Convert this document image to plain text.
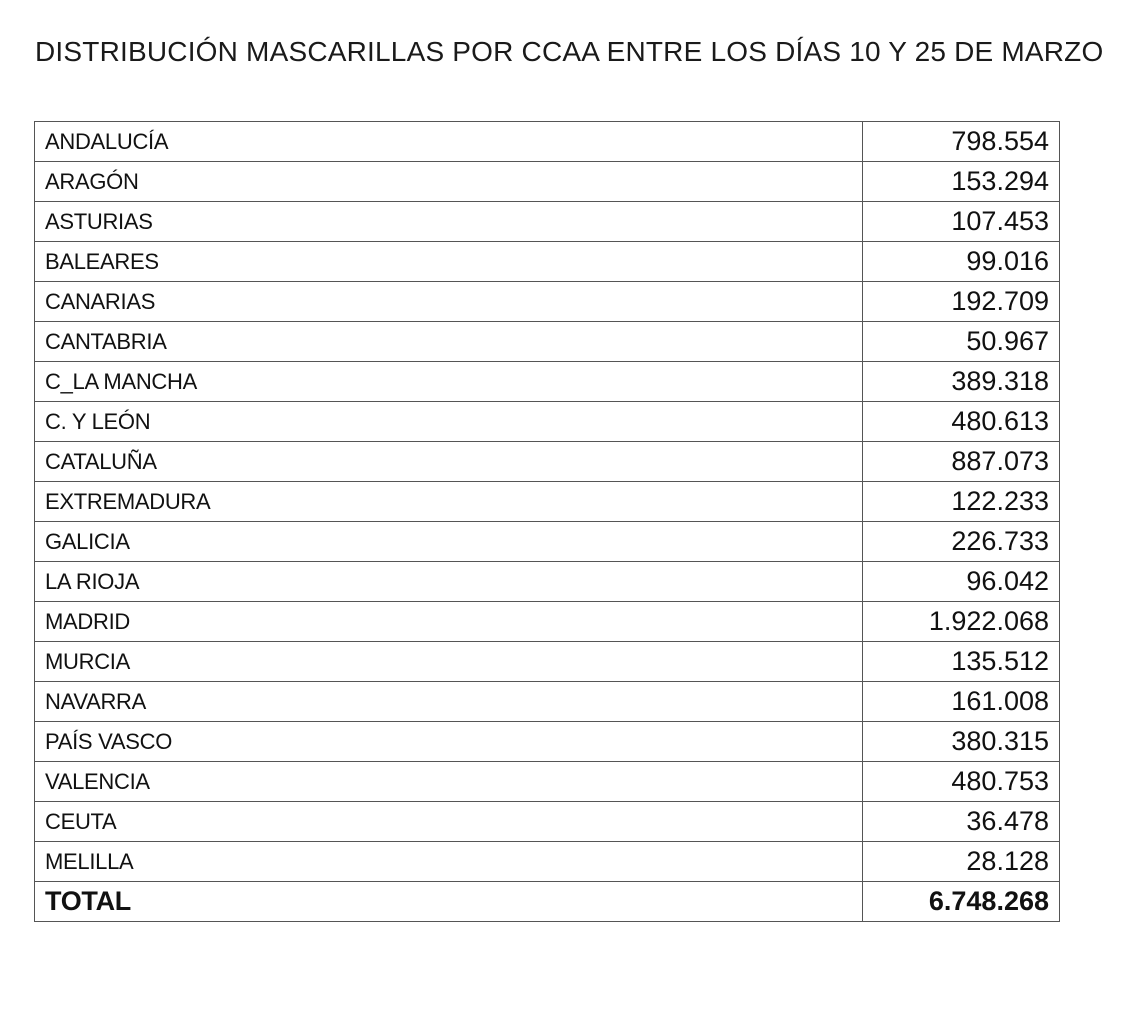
DISTRIBUCIÓN MASCARILLAS POR CCAA ENTRE LOS DÍAS 10 Y 25 DE MARZO
ANDALUCÍA	798.554
ARAGÓN	153.294
ASTURIAS	107.453
BALEARES	99.016
CANARIAS	192.709
CANTABRIA	50.967
C_LA MANCHA	389.318
C. Y LEÓN	480.613
CATALUÑA	887.073
EXTREMADURA	122.233
GALICIA	226.733
LA RIOJA	96.042
MADRID	1.922.068
MURCIA	135.512
NAVARRA	161.008
PAÍS VASCO	380.315
VALENCIA	480.753
CEUTA	36.478
MELILLA	28.128
TOTAL	6.748.268
